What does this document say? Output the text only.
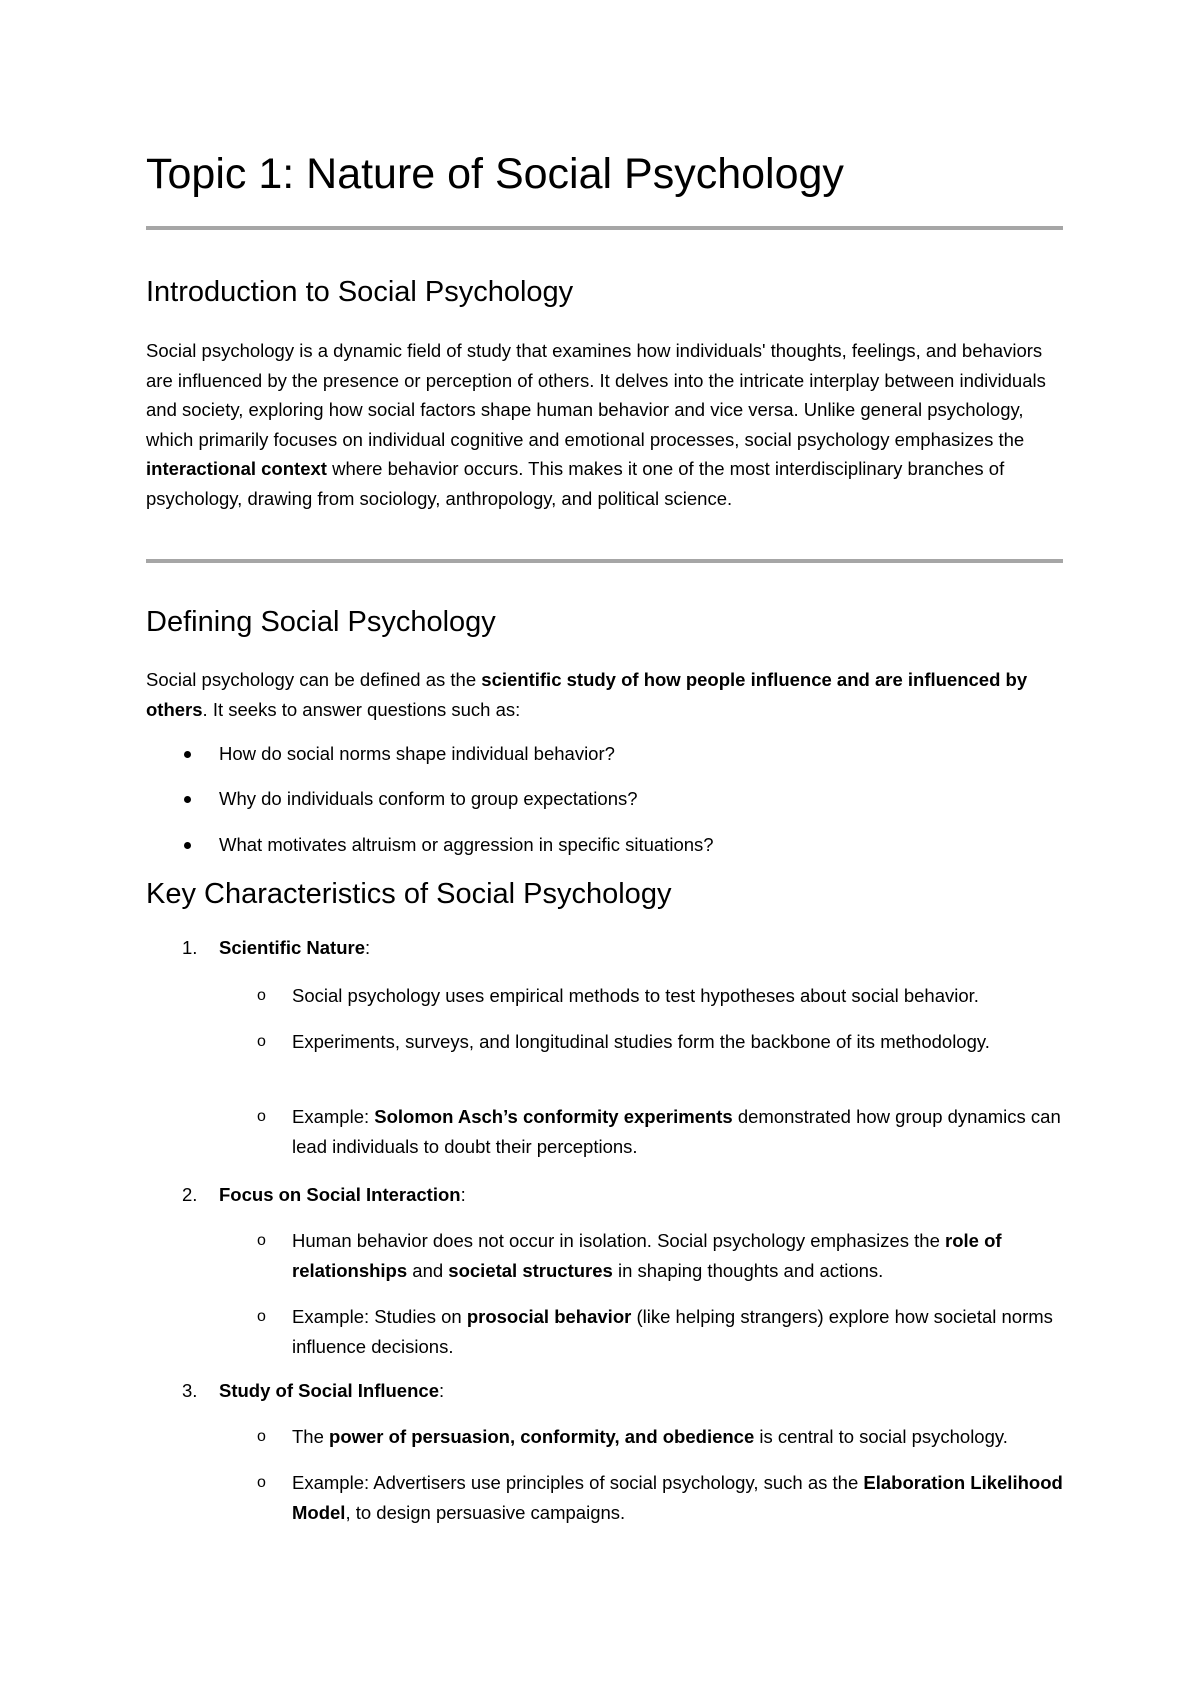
Topic 1: Nature of Social Psychology
Introduction to Social Psychology

Social psychology is a dynamic field of study that examines how individuals' thoughts, feelings, and behaviors are influenced by the presence or perception of others. It delves into the intricate interplay between individuals and society, exploring how social factors shape human behavior and vice versa. Unlike general psychology, which primarily focuses on individual cognitive and emotional processes, social psychology emphasizes the interactional context where behavior occurs. This makes it one of the most interdisciplinary branches of psychology, drawing from sociology, anthropology, and political science.

Defining Social Psychology

Social psychology can be defined as the scientific study of how people influence and are influenced by others. It seeks to answer questions such as:

How do social norms shape individual behavior?
Why do individuals conform to group expectations?
What motivates altruism or aggression in specific situations?
Key Characteristics of Social Psychology
1. Scientific Nature:
o Social psychology uses empirical methods to test hypotheses about social behavior.
o Experiments, surveys, and longitudinal studies form the backbone of its methodology.
o Example: Solomon Asch’s conformity experiments demonstrated how group dynamics can lead individuals to doubt their perceptions.
2. Focus on Social Interaction:
o Human behavior does not occur in isolation. Social psychology emphasizes the role of relationships and societal structures in shaping thoughts and actions.
o Example: Studies on prosocial behavior (like helping strangers) explore how societal norms influence decisions.
3. Study of Social Influence:
o The power of persuasion, conformity, and obedience is central to social psychology.
o Example: Advertisers use principles of social psychology, such as the Elaboration Likelihood Model, to design persuasive campaigns.
